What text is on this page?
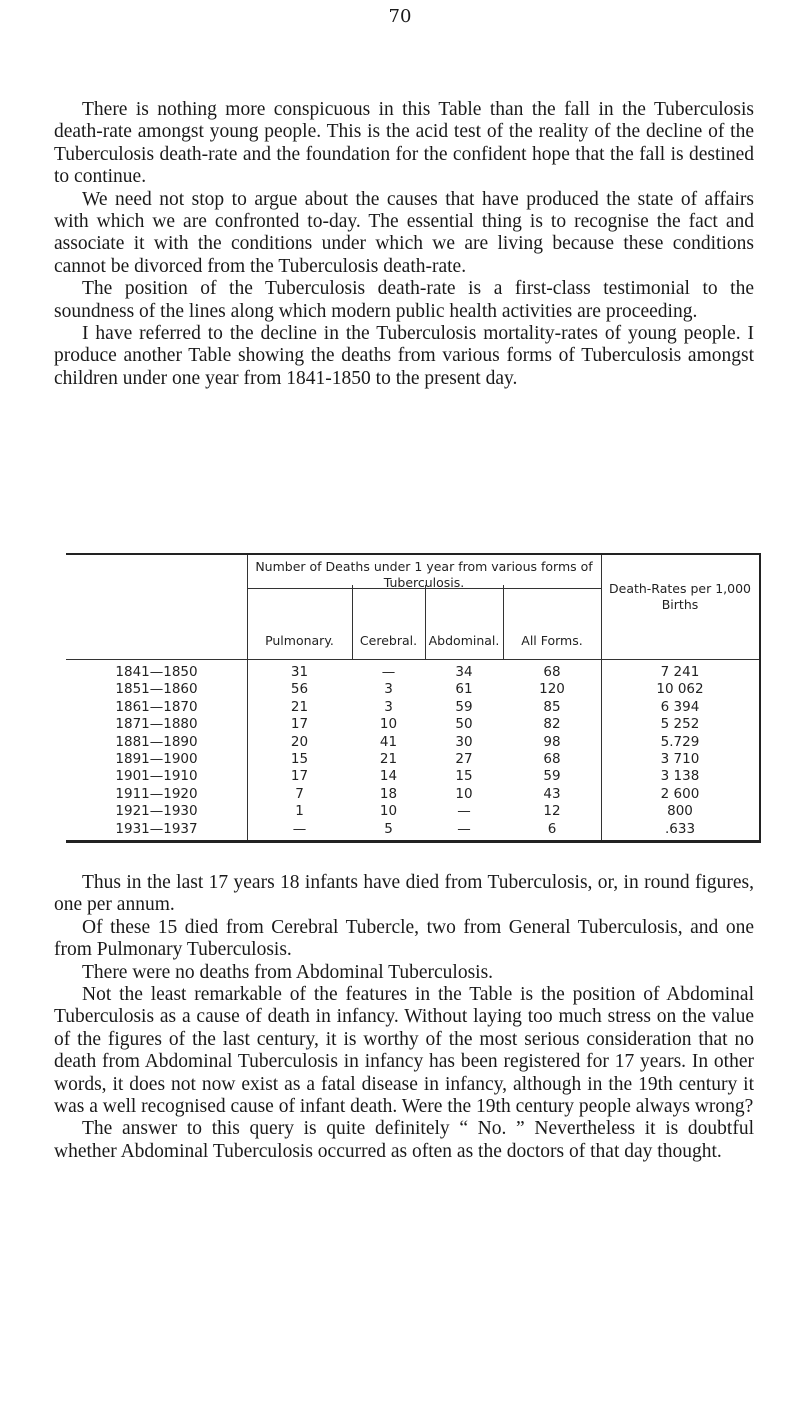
70

There is nothing more conspicuous in this Table than the fall in the Tuberculosis death-rate amongst young people. This is the acid test of the reality of the decline of the Tuberculosis death-rate and the foundation for the confident hope that the fall is destined to continue.

We need not stop to argue about the causes that have produced the state of affairs with which we are confronted to-day. The essential thing is to recognise the fact and associate it with the conditions under which we are living because these conditions cannot be divorced from the Tuberculosis death-rate.

The position of the Tuberculosis death-rate is a first-class testimonial to the soundness of the lines along which modern public health activities are proceeding.

I have referred to the decline in the Tuberculosis mortality-rates of young people. I produce another Table showing the deaths from various forms of Tuberculosis amongst children under one year from 1841-1850 to the present day.

Number of Deaths under 1 year from various forms of Tuberculosis.	Death-Rates per 1,000 Births
Pulmonary.	Cerebral. Abdominal.	All Forms.
1841—1850	31	—	34	68	7 241
1851—1860	56	3	61	120	10 062
1861—1870	21	3	59	85	6 394
1871—1880	17	10	50	82	5 252
1881—1890	20	41	30	98	5.729
1891—1900	15	21	27	68	3 710
1901—1910	17	14	15	59	3 138
1911—1920	7	18	10	43	2 600
1921—1930	1	10	—	12	800
1931—1937	—	5	—	6	.633

Thus in the last 17 years 18 infants have died from Tuberculosis, or, in round figures, one per annum.

Of these 15 died from Cerebral Tubercle, two from General Tuberculosis, and one from Pulmonary Tuberculosis.

There were no deaths from Abdominal Tuberculosis.

Not the least remarkable of the features in the Table is the position of Abdominal Tuberculosis as a cause of death in infancy. Without laying too much stress on the value of the figures of the last century, it is worthy of the most serious consideration that no death from Abdominal Tuberculosis in infancy has been registered for 17 years. In other words, it does not now exist as a fatal disease in infancy, although in the 19th century it was a well recognised cause of infant death. Were the 19th century people always wrong?

The answer to this query is quite definitely “ No. ” Nevertheless it is doubtful whether Abdominal Tuberculosis occurred as often as the doctors of that day thought.
